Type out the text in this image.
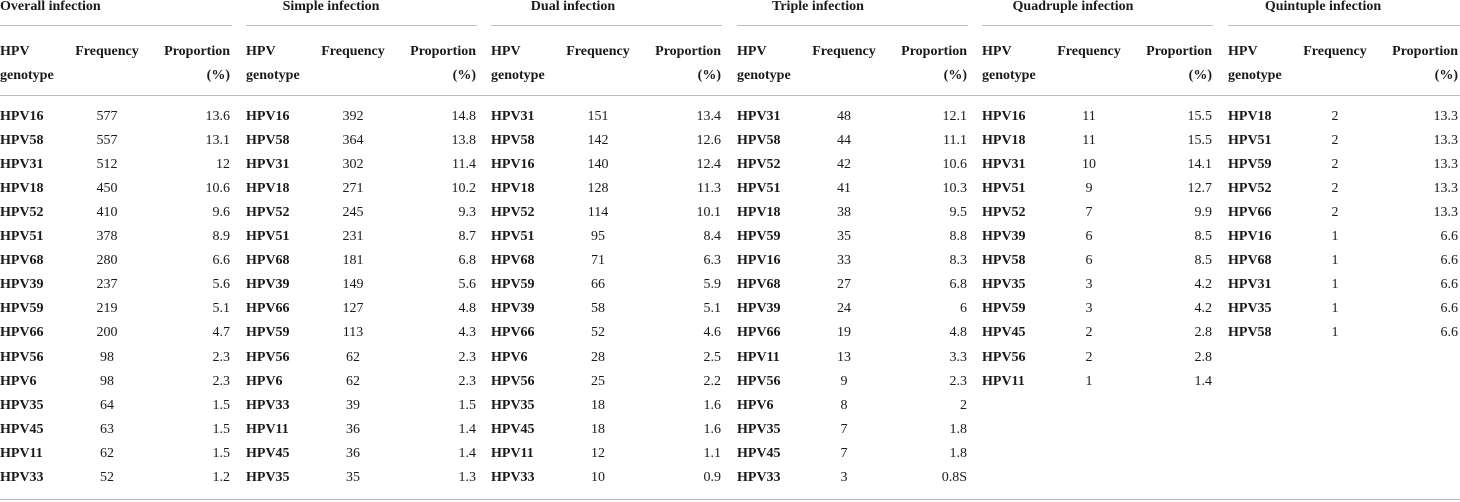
Overall infection
HPV genotype
Frequency	Proportion (%)
HPV16	577	13.6
HPV58	557	13.1
HPV31	512	12
HPV18	450	10.6
HPV52	410	9.6
HPV51	378	8.9
HPV68	280	6.6
HPV39	237	5.6
HPV59	219	5.1
HPV66	200	4.7
HPV56	98	2.3
HPV6	98	2.3
HPV35	64	1.5
HPV45	63	1.5
HPV11	62	1.5
HPV33	52	1.2
Simple infection
HPV genotype
Frequency	Proportion (%)
HPV16	392	14.8
HPV58	364	13.8
HPV31	302	11.4
HPV18	271	10.2
HPV52	245	9.3
HPV51	231	8.7
HPV68	181	6.8
HPV39	149	5.6
HPV66	127	4.8
HPV59	113	4.3
HPV56	62	2.3
HPV6	62	2.3
HPV33	39	1.5
HPV11	36	1.4
HPV45	36	1.4
HPV35	35	1.3
Dual infection
HPV genotype
Frequency	Proportion (%)
HPV31	151	13.4
HPV58	142	12.6
HPV16	140	12.4
HPV18	128	11.3
HPV52	114	10.1
HPV51	95	8.4
HPV68	71	6.3
HPV59	66	5.9
HPV39	58	5.1
HPV66	52	4.6
HPV6	28	2.5
HPV56	25	2.2
HPV35	18	1.6
HPV45	18	1.6
HPV11	12	1.1
HPV33	10	0.9
Triple infection
HPV genotype
Frequency	Proportion (%)
HPV31	48	12.1
HPV58	44	11.1
HPV52	42	10.6
HPV51	41	10.3
HPV18	38	9.5
HPV59	35	8.8
HPV16	33	8.3
HPV68	27	6.8
HPV39	24	6
HPV66	19	4.8
HPV11	13	3.3
HPV56	9	2.3
HPV6	8	2
HPV35	7	1.8
HPV45	7	1.8
HPV33	3	0.8S
Quadruple infection
HPV genotype
Frequency	Proportion (%)
HPV16	11	15.5
HPV18	11	15.5
HPV31	10	14.1
HPV51	9	12.7
HPV52	7	9.9
HPV39	6	8.5
HPV58	6	8.5
HPV35	3	4.2
HPV59	3	4.2
HPV45	2	2.8
HPV56	2	2.8
HPV11	1	1.4
Quintuple infection
HPV genotype
Frequency	Proportion (%)
HPV18	2	13.3
HPV51	2	13.3
HPV59	2	13.3
HPV52	2	13.3
HPV66	2	13.3
HPV16	1	6.6
HPV68	1	6.6
HPV31	1	6.6
HPV35	1	6.6
HPV58	1	6.6
